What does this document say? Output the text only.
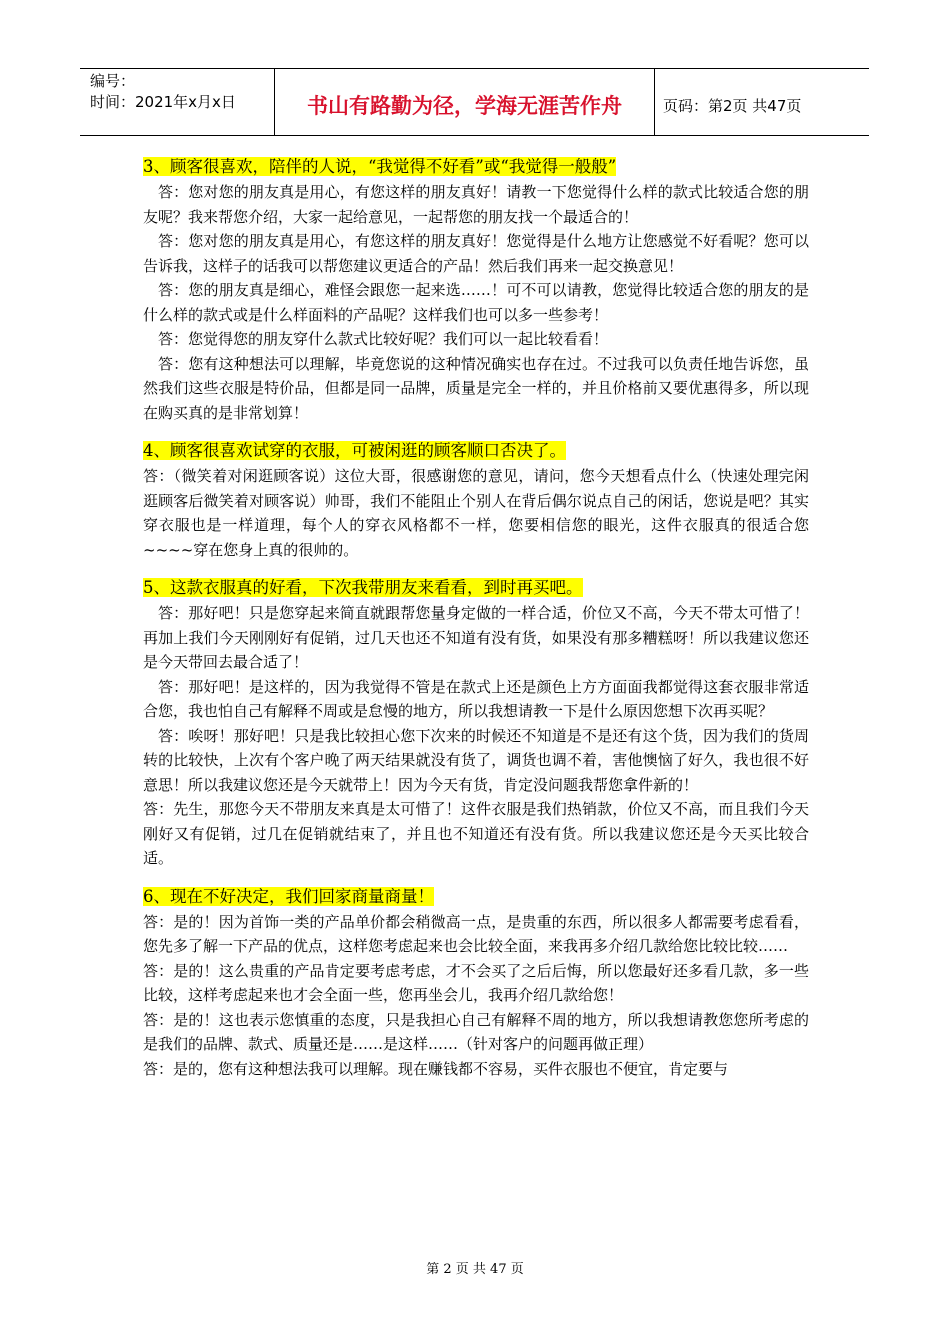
编号：
时间：2021年x月x日	书山有路勤为径，学海无涯苦作舟	页码：第2页 共47页

3、顾客很喜欢，陪伴的人说，“我觉得不好看”或“我觉得一般般”

答：您对您的朋友真是用心，有您这样的朋友真好！请教一下您觉得什么样的款式比较适合您的朋友呢？我来帮您介绍，大家一起给意见，一起帮您的朋友找一个最适合的！

答：您对您的朋友真是用心，有您这样的朋友真好！您觉得是什么地方让您感觉不好看呢？您可以告诉我，这样子的话我可以帮您建议更适合的产品！然后我们再来一起交换意见！

答：您的朋友真是细心，难怪会跟您一起来选……！可不可以请教，您觉得比较适合您的朋友的是什么样的款式或是什么样面料的产品呢？这样我们也可以多一些参考！

答：您觉得您的朋友穿什么款式比较好呢？我们可以一起比较看看！

答：您有这种想法可以理解，毕竟您说的这种情况确实也存在过。不过我可以负责任地告诉您，虽然我们这些衣服是特价品，但都是同一品牌，质量是完全一样的，并且价格前又要优惠得多，所以现在购买真的是非常划算！

4、顾客很喜欢试穿的衣服，可被闲逛的顾客顺口否决了。

答：（微笑着对闲逛顾客说）这位大哥，很感谢您的意见，请问，您今天想看点什么（快速处理完闲逛顾客后微笑着对顾客说）帅哥，我们不能阻止个别人在背后偶尔说点自己的闲话，您说是吧？其实穿衣服也是一样道理，每个人的穿衣风格都不一样，您要相信您的眼光，这件衣服真的很适合您~~~~穿在您身上真的很帅的。

5、这款衣服真的好看，下次我带朋友来看看，到时再买吧。

答：那好吧！只是您穿起来简直就跟帮您量身定做的一样合适，价位又不高，今天不带太可惜了！再加上我们今天刚刚好有促销，过几天也还不知道有没有货，如果没有那多糟糕呀！所以我建议您还是今天带回去最合适了！

答：那好吧！是这样的，因为我觉得不管是在款式上还是颜色上方方面面我都觉得这套衣服非常适合您，我也怕自己有解释不周或是怠慢的地方，所以我想请教一下是什么原因您想下次再买呢？

答：唉呀！那好吧！只是我比较担心您下次来的时候还不知道是不是还有这个货，因为我们的货周转的比较快，上次有个客户晚了两天结果就没有货了，调货也调不着，害他懊恼了好久，我也很不好意思！所以我建议您还是今天就带上！因为今天有货，肯定没问题我帮您拿件新的！

答：先生，那您今天不带朋友来真是太可惜了！这件衣服是我们热销款，价位又不高，而且我们今天刚好又有促销，过几在促销就结束了，并且也不知道还有没有货。所以我建议您还是今天买比较合适。

6、现在不好决定，我们回家商量商量！

答：是的！因为首饰一类的产品单价都会稍微高一点，是贵重的东西，所以很多人都需要考虑看看，您先多了解一下产品的优点，这样您考虑起来也会比较全面，来我再多介绍几款给您比较比较……

答：是的！这么贵重的产品肯定要考虑考虑，才不会买了之后后悔，所以您最好还多看几款，多一些比较，这样考虑起来也才会全面一些，您再坐会儿，我再介绍几款给您！

答：是的！这也表示您慎重的态度，只是我担心自己有解释不周的地方，所以我想请教您您所考虑的是我们的品牌、款式、质量还是……是这样……（针对客户的问题再做正理）

答：是的，您有这种想法我可以理解。现在赚钱都不容易，买件衣服也不便宜，肯定要与

第 2 页 共 47 页
